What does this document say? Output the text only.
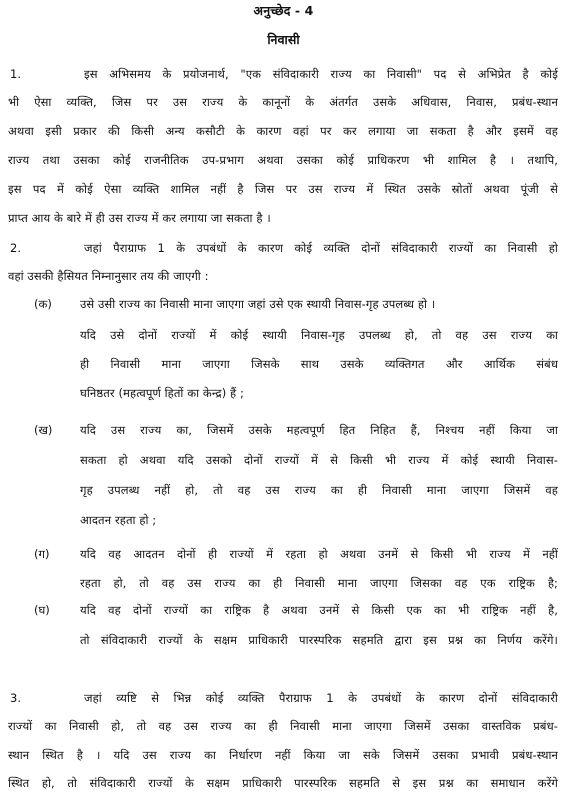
अनुच्छेद - 4
निवासी
1.	इस अभिसमय के प्रयोजनार्थ, "एक संविदाकारी राज्य का निवासी" पद से अभिप्रेत है कोई
भी ऐसा व्यक्ति, जिस पर उस राज्य के कानूनों के अंतर्गत उसके अधिवास, निवास, प्रबंध-स्थान
अथवा इसी प्रकार की किसी अन्य कसौटी के कारण वहां पर कर लगाया जा सकता है और इसमें वह
राज्य तथा उसका कोई राजनीतिक उप-प्रभाग अथवा उसका कोई प्राधिकरण भी शामिल है । तथापि,
इस पद में कोई ऐसा व्यक्ति शामिल नहीं है जिस पर उस राज्य में स्थित उसके स्रोतों अथवा पूंजी से
प्राप्त आय के बारे में ही उस राज्य में कर लगाया जा सकता है ।
2.	जहां पैराग्राफ 1 के उपबंधों के कारण कोई व्यक्ति दोनों संविदाकारी राज्यों का निवासी हो
वहां उसकी हैसियत निम्नानुसार तय की जाएगी :
(क) उसे उसी राज्य का निवासी माना जाएगा जहां उसे एक स्थायी निवास-गृह उपलब्ध हो ।
यदि उसे दोनों राज्यों में कोई स्थायी निवास-गृह उपलब्ध हो, तो वह उस राज्य का
ही निवासी माना जाएगा जिसके साथ उसके व्यक्तिगत और आर्थिक संबंध
घनिष्ठतर (महत्वपूर्ण हितों का केन्द्र) हैं ;
(ख) यदि उस राज्य का, जिसमें उसके महत्वपूर्ण हित निहित हैं, निश्चय नहीं किया जा
सकता हो अथवा यदि उसको दोनों राज्यों में से किसी भी राज्य में कोई स्थायी निवास-
गृह उपलब्ध नहीं हो, तो वह उस राज्य का ही निवासी माना जाएगा जिसमें वह
आदतन रहता हो ;
(ग)	यदि वह आदतन दोनों ही राज्यों में रहता हो अथवा उनमें से किसी भी राज्य में नहीं
रहता हो, तो वह उस राज्य का ही निवासी माना जाएगा जिसका वह एक राष्ट्रिक है;
(घ)	यदि वह दोनों राज्यों का राष्ट्रिक है अथवा उनमें से किसी एक का भी राष्ट्रिक नहीं है,
तो संविदाकारी राज्यों के सक्षम प्राधिकारी पारस्परिक सहमति द्वारा इस प्रश्न का निर्णय करेंगे।
3.	जहां व्यष्टि से भिन्न कोई व्यक्ति पैराग्राफ 1 के उपबंधों के कारण दोनों संविदाकारी
राज्यों का निवासी हो, तो वह उस राज्य का ही निवासी माना जाएगा जिसमें उसका वास्तविक प्रबंध-
स्थान स्थित है । यदि उस राज्य का निर्धारण नहीं किया जा सके जिसमें उसका प्रभावी प्रबंध-स्थान
स्थित हो, तो संविदाकारी राज्यों के सक्षम प्राधिकारी पारस्परिक सहमति से इस प्रश्न का समाधान करेंगे
